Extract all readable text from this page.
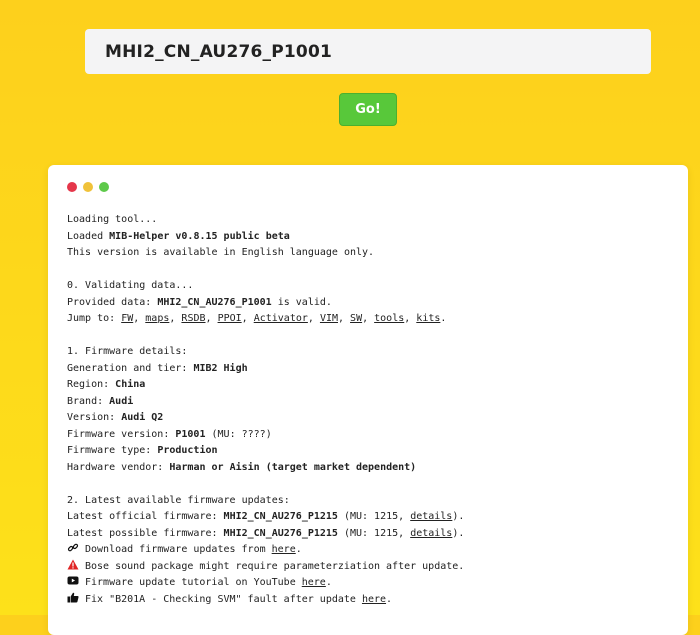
MHI2_CN_AU276_P1001
Go!
Loading tool...
Loaded MIB-Helper v0.8.15 public beta
This version is available in English language only.
0. Validating data...
Provided data: MHI2_CN_AU276_P1001 is valid.
Jump to: FW, maps, RSDB, PPOI, Activator, VIM, SW, tools, kits.
1. Firmware details:
Generation and tier: MIB2 High
Region: China
Brand: Audi
Version: Audi Q2
Firmware version: P1001 (MU: ????)
Firmware type: Production
Hardware vendor: Harman or Aisin (target market dependent)
2. Latest available firmware updates:
Latest official firmware: MHI2_CN_AU276_P1215 (MU: 1215, details).
Latest possible firmware: MHI2_CN_AU276_P1215 (MU: 1215, details).
Download firmware updates from here.
Bose sound package might require parameterziation after update.
Firmware update tutorial on YouTube here.
Fix "B201A - Checking SVM" fault after update here.
